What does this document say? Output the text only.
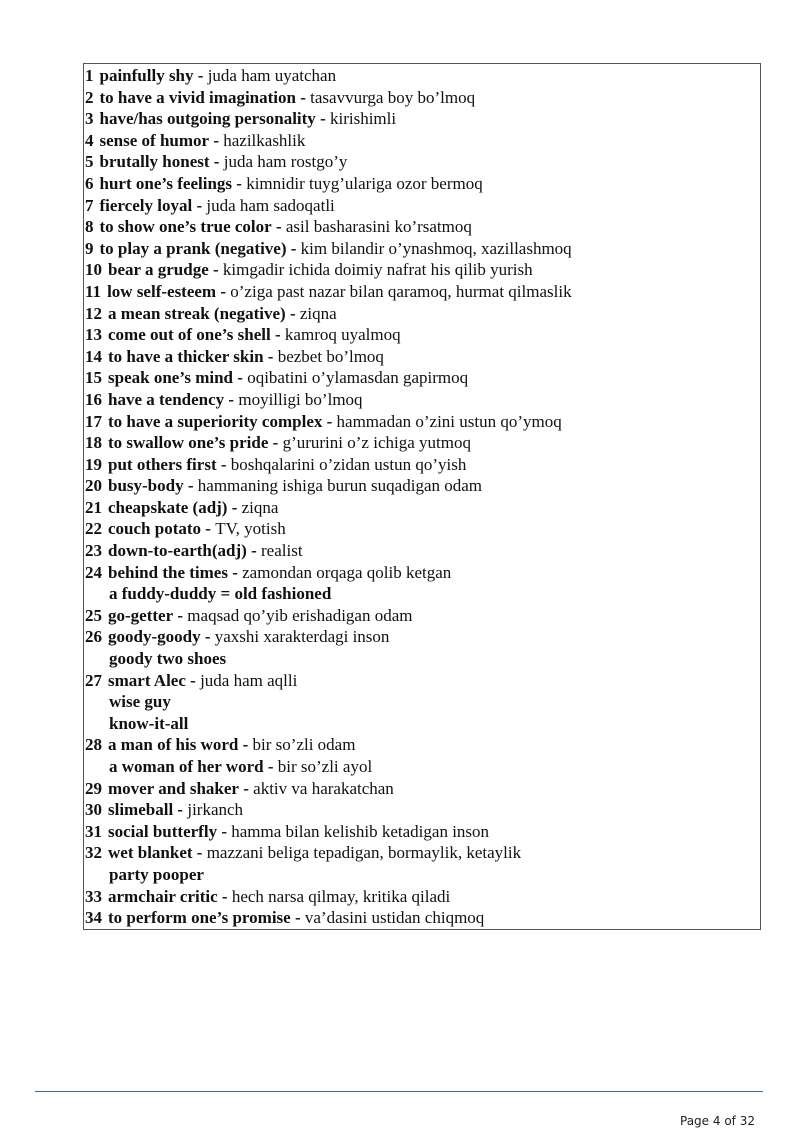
1 painfully shy - juda ham uyatchan
2 to have a vivid imagination - tasavvurga boy bo’lmoq
3 have/has outgoing personality - kirishimli
4 sense of humor - hazilkashlik
5 brutally honest - juda ham rostgo’y
6 hurt one’s feelings - kimnidir tuyg’ulariga ozor bermoq
7 fiercely loyal - juda ham sadoqatli
8 to show one’s true color - asil basharasini ko’rsatmoq
9 to play a prank (negative) - kim bilandir o’ynashmoq, xazillashmoq
10 bear a grudge - kimgadir ichida doimiy nafrat his qilib yurish
11 low self-esteem - o’ziga past nazar bilan qaramoq, hurmat qilmaslik
12 a mean streak (negative) - ziqna
13 come out of one’s shell - kamroq uyalmoq
14 to have a thicker skin - bezbet bo’lmoq
15 speak one’s mind - oqibatini o’ylamasdan gapirmoq
16 have a tendency - moyilligi bo’lmoq
17 to have a superiority complex - hammadan o’zini ustun qo’ymoq
18 to swallow one’s pride - g’ururini o’z ichiga yutmoq
19 put others first - boshqalarini o’zidan ustun qo’yish
20 busy-body - hammaning ishiga burun suqadigan odam
21 cheapskate (adj) - ziqna
22 couch potato - TV, yotish
23 down-to-earth(adj) - realist
24 behind the times - zamondan orqaga qolib ketgan
a fuddy-duddy = old fashioned
25 go-getter - maqsad qo’yib erishadigan odam
26 goody-goody - yaxshi xarakterdagi inson
goody two shoes
27 smart Alec - juda ham aqlli
wise guy
know-it-all
28 a man of his word - bir so’zli odam
a woman of her word - bir so’zli ayol
29 mover and shaker - aktiv va harakatchan
30 slimeball - jirkanch
31 social butterfly - hamma bilan kelishib ketadigan inson
32 wet blanket - mazzani beliga tepadigan, bormaylik, ketaylik
party pooper
33 armchair critic - hech narsa qilmay, kritika qiladi
34 to perform one’s promise - va’dasini ustidan chiqmoq
Page 4 of 32
